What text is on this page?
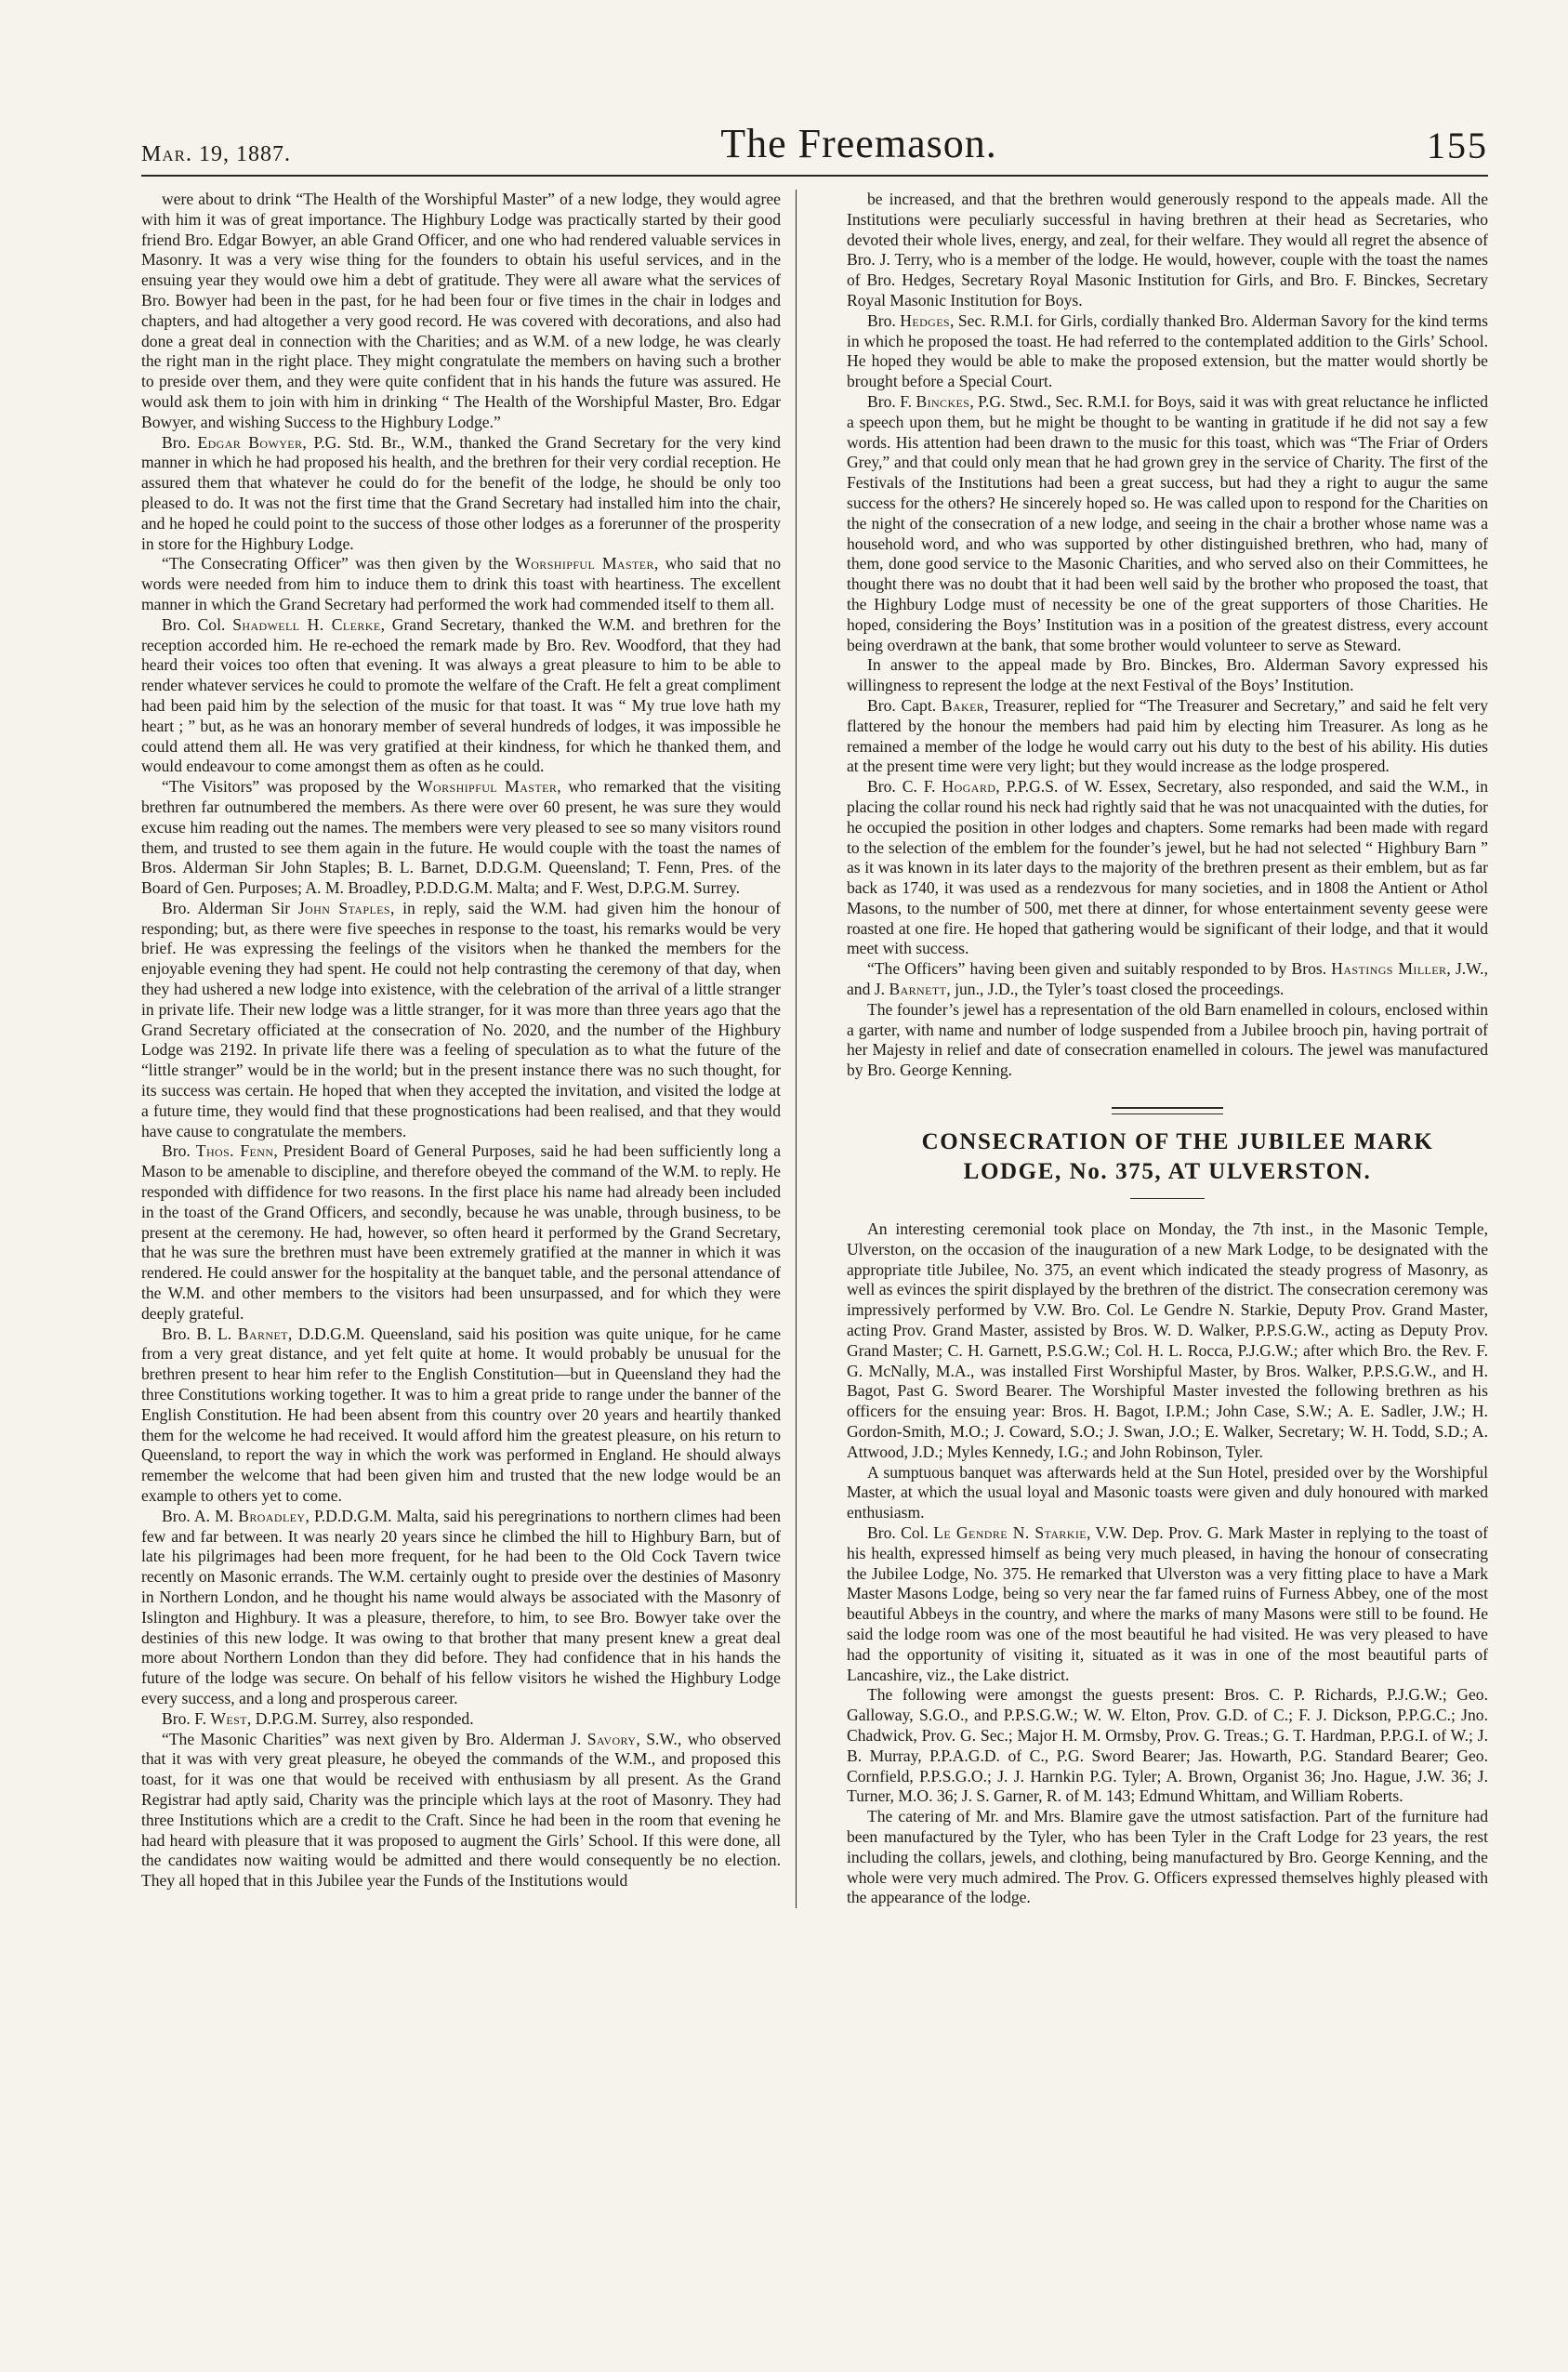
Mar. 19, 1887.	The Freemason.	155

were about to drink “The Health of the Worshipful Master” of a new lodge, they would agree with him it was of great importance. The Highbury Lodge was practically started by their good friend Bro. Edgar Bowyer, an able Grand Officer, and one who had rendered valuable services in Masonry. It was a very wise thing for the founders to obtain his useful services, and in the ensuing year they would owe him a debt of gratitude. They were all aware what the services of Bro. Bowyer had been in the past, for he had been four or five times in the chair in lodges and chapters, and had altogether a very good record. He was covered with decorations, and also had done a great deal in connection with the Charities; and as W.M. of a new lodge, he was clearly the right man in the right place. They might congratulate the members on having such a brother to preside over them, and they were quite confident that in his hands the future was assured. He would ask them to join with him in drinking “ The Health of the Worshipful Master, Bro. Edgar Bowyer, and wishing Success to the Highbury Lodge.”

Bro. Edgar Bowyer, P.G. Std. Br., W.M., thanked the Grand Secretary for the very kind manner in which he had proposed his health, and the brethren for their very cordial reception. He assured them that whatever he could do for the benefit of the lodge, he should be only too pleased to do. It was not the first time that the Grand Secretary had installed him into the chair, and he hoped he could point to the success of those other lodges as a forerunner of the prosperity in store for the Highbury Lodge.

“The Consecrating Officer” was then given by the Worshipful Master, who said that no words were needed from him to induce them to drink this toast with heartiness. The excellent manner in which the Grand Secretary had performed the work had commended itself to them all.

Bro. Col. Shadwell H. Clerke, Grand Secretary, thanked the W.M. and brethren for the reception accorded him. He re-echoed the remark made by Bro. Rev. Woodford, that they had heard their voices too often that evening. It was always a great pleasure to him to be able to render whatever services he could to promote the welfare of the Craft. He felt a great compliment had been paid him by the selection of the music for that toast. It was “ My true love hath my heart ; ” but, as he was an honorary member of several hundreds of lodges, it was impossible he could attend them all. He was very gratified at their kindness, for which he thanked them, and would endeavour to come amongst them as often as he could.

“The Visitors” was proposed by the Worshipful Master, who remarked that the visiting brethren far outnumbered the members. As there were over 60 present, he was sure they would excuse him reading out the names. The members were very pleased to see so many visitors round them, and trusted to see them again in the future. He would couple with the toast the names of Bros. Alderman Sir John Staples; B. L. Barnet, D.D.G.M. Queensland; T. Fenn, Pres. of the Board of Gen. Purposes; A. M. Broadley, P.D.D.G.M. Malta; and F. West, D.P.G.M. Surrey.

Bro. Alderman Sir John Staples, in reply, said the W.M. had given him the honour of responding; but, as there were five speeches in response to the toast, his remarks would be very brief. He was expressing the feelings of the visitors when he thanked the members for the enjoyable evening they had spent. He could not help contrasting the ceremony of that day, when they had ushered a new lodge into existence, with the celebration of the arrival of a little stranger in private life. Their new lodge was a little stranger, for it was more than three years ago that the Grand Secretary officiated at the consecration of No. 2020, and the number of the Highbury Lodge was 2192. In private life there was a feeling of speculation as to what the future of the “little stranger” would be in the world; but in the present instance there was no such thought, for its success was certain. He hoped that when they accepted the invitation, and visited the lodge at a future time, they would find that these prognostications had been realised, and that they would have cause to congratulate the members.

Bro. Thos. Fenn, President Board of General Purposes, said he had been sufficiently long a Mason to be amenable to discipline, and therefore obeyed the command of the W.M. to reply. He responded with diffidence for two reasons. In the first place his name had already been included in the toast of the Grand Officers, and secondly, because he was unable, through business, to be present at the ceremony. He had, however, so often heard it performed by the Grand Secretary, that he was sure the brethren must have been extremely gratified at the manner in which it was rendered. He could answer for the hospitality at the banquet table, and the personal attendance of the W.M. and other members to the visitors had been unsurpassed, and for which they were deeply grateful.

Bro. B. L. Barnet, D.D.G.M. Queensland, said his position was quite unique, for he came from a very great distance, and yet felt quite at home. It would probably be unusual for the brethren present to hear him refer to the English Constitution—but in Queensland they had the three Constitutions working together. It was to him a great pride to range under the banner of the English Constitution. He had been absent from this country over 20 years and heartily thanked them for the welcome he had received. It would afford him the greatest pleasure, on his return to Queensland, to report the way in which the work was performed in England. He should always remember the welcome that had been given him and trusted that the new lodge would be an example to others yet to come.

Bro. A. M. Broadley, P.D.D.G.M. Malta, said his peregrinations to northern climes had been few and far between. It was nearly 20 years since he climbed the hill to Highbury Barn, but of late his pilgrimages had been more frequent, for he had been to the Old Cock Tavern twice recently on Masonic errands. The W.M. certainly ought to preside over the destinies of Masonry in Northern London, and he thought his name would always be associated with the Masonry of Islington and Highbury. It was a pleasure, therefore, to him, to see Bro. Bowyer take over the destinies of this new lodge. It was owing to that brother that many present knew a great deal more about Northern London than they did before. They had confidence that in his hands the future of the lodge was secure. On behalf of his fellow visitors he wished the Highbury Lodge every success, and a long and prosperous career.

Bro. F. West, D.P.G.M. Surrey, also responded.

“The Masonic Charities” was next given by Bro. Alderman J. Savory, S.W., who observed that it was with very great pleasure, he obeyed the commands of the W.M., and proposed this toast, for it was one that would be received with enthusiasm by all present. As the Grand Registrar had aptly said, Charity was the principle which lays at the root of Masonry. They had three Institutions which are a credit to the Craft. Since he had been in the room that evening he had heard with pleasure that it was proposed to augment the Girls’ School. If this were done, all the candidates now waiting would be admitted and there would consequently be no election. They all hoped that in this Jubilee year the Funds of the Institutions would

be increased, and that the brethren would generously respond to the appeals made. All the Institutions were peculiarly successful in having brethren at their head as Secretaries, who devoted their whole lives, energy, and zeal, for their welfare. They would all regret the absence of Bro. J. Terry, who is a member of the lodge. He would, however, couple with the toast the names of Bro. Hedges, Secretary Royal Masonic Institution for Girls, and Bro. F. Binckes, Secretary Royal Masonic Institution for Boys.

Bro. Hedges, Sec. R.M.I. for Girls, cordially thanked Bro. Alderman Savory for the kind terms in which he proposed the toast. He had referred to the contemplated addition to the Girls’ School. He hoped they would be able to make the proposed extension, but the matter would shortly be brought before a Special Court.

Bro. F. Binckes, P.G. Stwd., Sec. R.M.I. for Boys, said it was with great reluctance he inflicted a speech upon them, but he might be thought to be wanting in gratitude if he did not say a few words. His attention had been drawn to the music for this toast, which was “The Friar of Orders Grey,” and that could only mean that he had grown grey in the service of Charity. The first of the Festivals of the Institutions had been a great success, but had they a right to augur the same success for the others? He sincerely hoped so. He was called upon to respond for the Charities on the night of the consecration of a new lodge, and seeing in the chair a brother whose name was a household word, and who was supported by other distinguished brethren, who had, many of them, done good service to the Masonic Charities, and who served also on their Committees, he thought there was no doubt that it had been well said by the brother who proposed the toast, that the Highbury Lodge must of necessity be one of the great supporters of those Charities. He hoped, considering the Boys’ Institution was in a position of the greatest distress, every account being overdrawn at the bank, that some brother would volunteer to serve as Steward.

In answer to the appeal made by Bro. Binckes, Bro. Alderman Savory expressed his willingness to represent the lodge at the next Festival of the Boys’ Institution.

Bro. Capt. Baker, Treasurer, replied for “The Treasurer and Secretary,” and said he felt very flattered by the honour the members had paid him by electing him Treasurer. As long as he remained a member of the lodge he would carry out his duty to the best of his ability. His duties at the present time were very light; but they would increase as the lodge prospered.

Bro. C. F. Hogard, P.P.G.S. of W. Essex, Secretary, also responded, and said the W.M., in placing the collar round his neck had rightly said that he was not unacquainted with the duties, for he occupied the position in other lodges and chapters. Some remarks had been made with regard to the selection of the emblem for the founder’s jewel, but he had not selected “ Highbury Barn ” as it was known in its later days to the majority of the brethren present as their emblem, but as far back as 1740, it was used as a rendezvous for many societies, and in 1808 the Antient or Athol Masons, to the number of 500, met there at dinner, for whose entertainment seventy geese were roasted at one fire. He hoped that gathering would be significant of their lodge, and that it would meet with success.

“The Officers” having been given and suitably responded to by Bros. Hastings Miller, J.W., and J. Barnett, jun., J.D., the Tyler’s toast closed the proceedings.

The founder’s jewel has a representation of the old Barn enamelled in colours, enclosed within a garter, with name and number of lodge suspended from a Jubilee brooch pin, having portrait of her Majesty in relief and date of consecration enamelled in colours. The jewel was manufactured by Bro. George Kenning.

CONSECRATION OF THE JUBILEE MARK
LODGE, No. 375, AT ULVERSTON.

An interesting ceremonial took place on Monday, the 7th inst., in the Masonic Temple, Ulverston, on the occasion of the inauguration of a new Mark Lodge, to be designated with the appropriate title Jubilee, No. 375, an event which indicated the steady progress of Masonry, as well as evinces the spirit displayed by the brethren of the district. The consecration ceremony was impressively performed by V.W. Bro. Col. Le Gendre N. Starkie, Deputy Prov. Grand Master, acting Prov. Grand Master, assisted by Bros. W. D. Walker, P.P.S.G.W., acting as Deputy Prov. Grand Master; C. H. Garnett, P.S.G.W.; Col. H. L. Rocca, P.J.G.W.; after which Bro. the Rev. F. G. McNally, M.A., was installed First Worshipful Master, by Bros. Walker, P.P.S.G.W., and H. Bagot, Past G. Sword Bearer. The Worshipful Master invested the following brethren as his officers for the ensuing year: Bros. H. Bagot, I.P.M.; John Case, S.W.; A. E. Sadler, J.W.; H. Gordon-Smith, M.O.; J. Coward, S.O.; J. Swan, J.O.; E. Walker, Secretary; W. H. Todd, S.D.; A. Attwood, J.D.; Myles Kennedy, I.G.; and John Robinson, Tyler.

A sumptuous banquet was afterwards held at the Sun Hotel, presided over by the Worshipful Master, at which the usual loyal and Masonic toasts were given and duly honoured with marked enthusiasm.

Bro. Col. Le Gendre N. Starkie, V.W. Dep. Prov. G. Mark Master in replying to the toast of his health, expressed himself as being very much pleased, in having the honour of consecrating the Jubilee Lodge, No. 375. He remarked that Ulverston was a very fitting place to have a Mark Master Masons Lodge, being so very near the far famed ruins of Furness Abbey, one of the most beautiful Abbeys in the country, and where the marks of many Masons were still to be found. He said the lodge room was one of the most beautiful he had visited. He was very pleased to have had the opportunity of visiting it, situated as it was in one of the most beautiful parts of Lancashire, viz., the Lake district.

The following were amongst the guests present: Bros. C. P. Richards, P.J.G.W.; Geo. Galloway, S.G.O., and P.P.S.G.W.; W. W. Elton, Prov. G.D. of C.; F. J. Dickson, P.P.G.C.; Jno. Chadwick, Prov. G. Sec.; Major H. M. Ormsby, Prov. G. Treas.; G. T. Hardman, P.P.G.I. of W.; J. B. Murray, P.P.A.G.D. of C., P.G. Sword Bearer; Jas. Howarth, P.G. Standard Bearer; Geo. Cornfield, P.P.S.G.O.; J. J. Harnkin P.G. Tyler; A. Brown, Organist 36; Jno. Hague, J.W. 36; J. Turner, M.O. 36; J. S. Garner, R. of M. 143; Edmund Whittam, and William Roberts.

The catering of Mr. and Mrs. Blamire gave the utmost satisfaction. Part of the furniture had been manufactured by the Tyler, who has been Tyler in the Craft Lodge for 23 years, the rest including the collars, jewels, and clothing, being manufactured by Bro. George Kenning, and the whole were very much admired. The Prov. G. Officers expressed themselves highly pleased with the appearance of the lodge.
